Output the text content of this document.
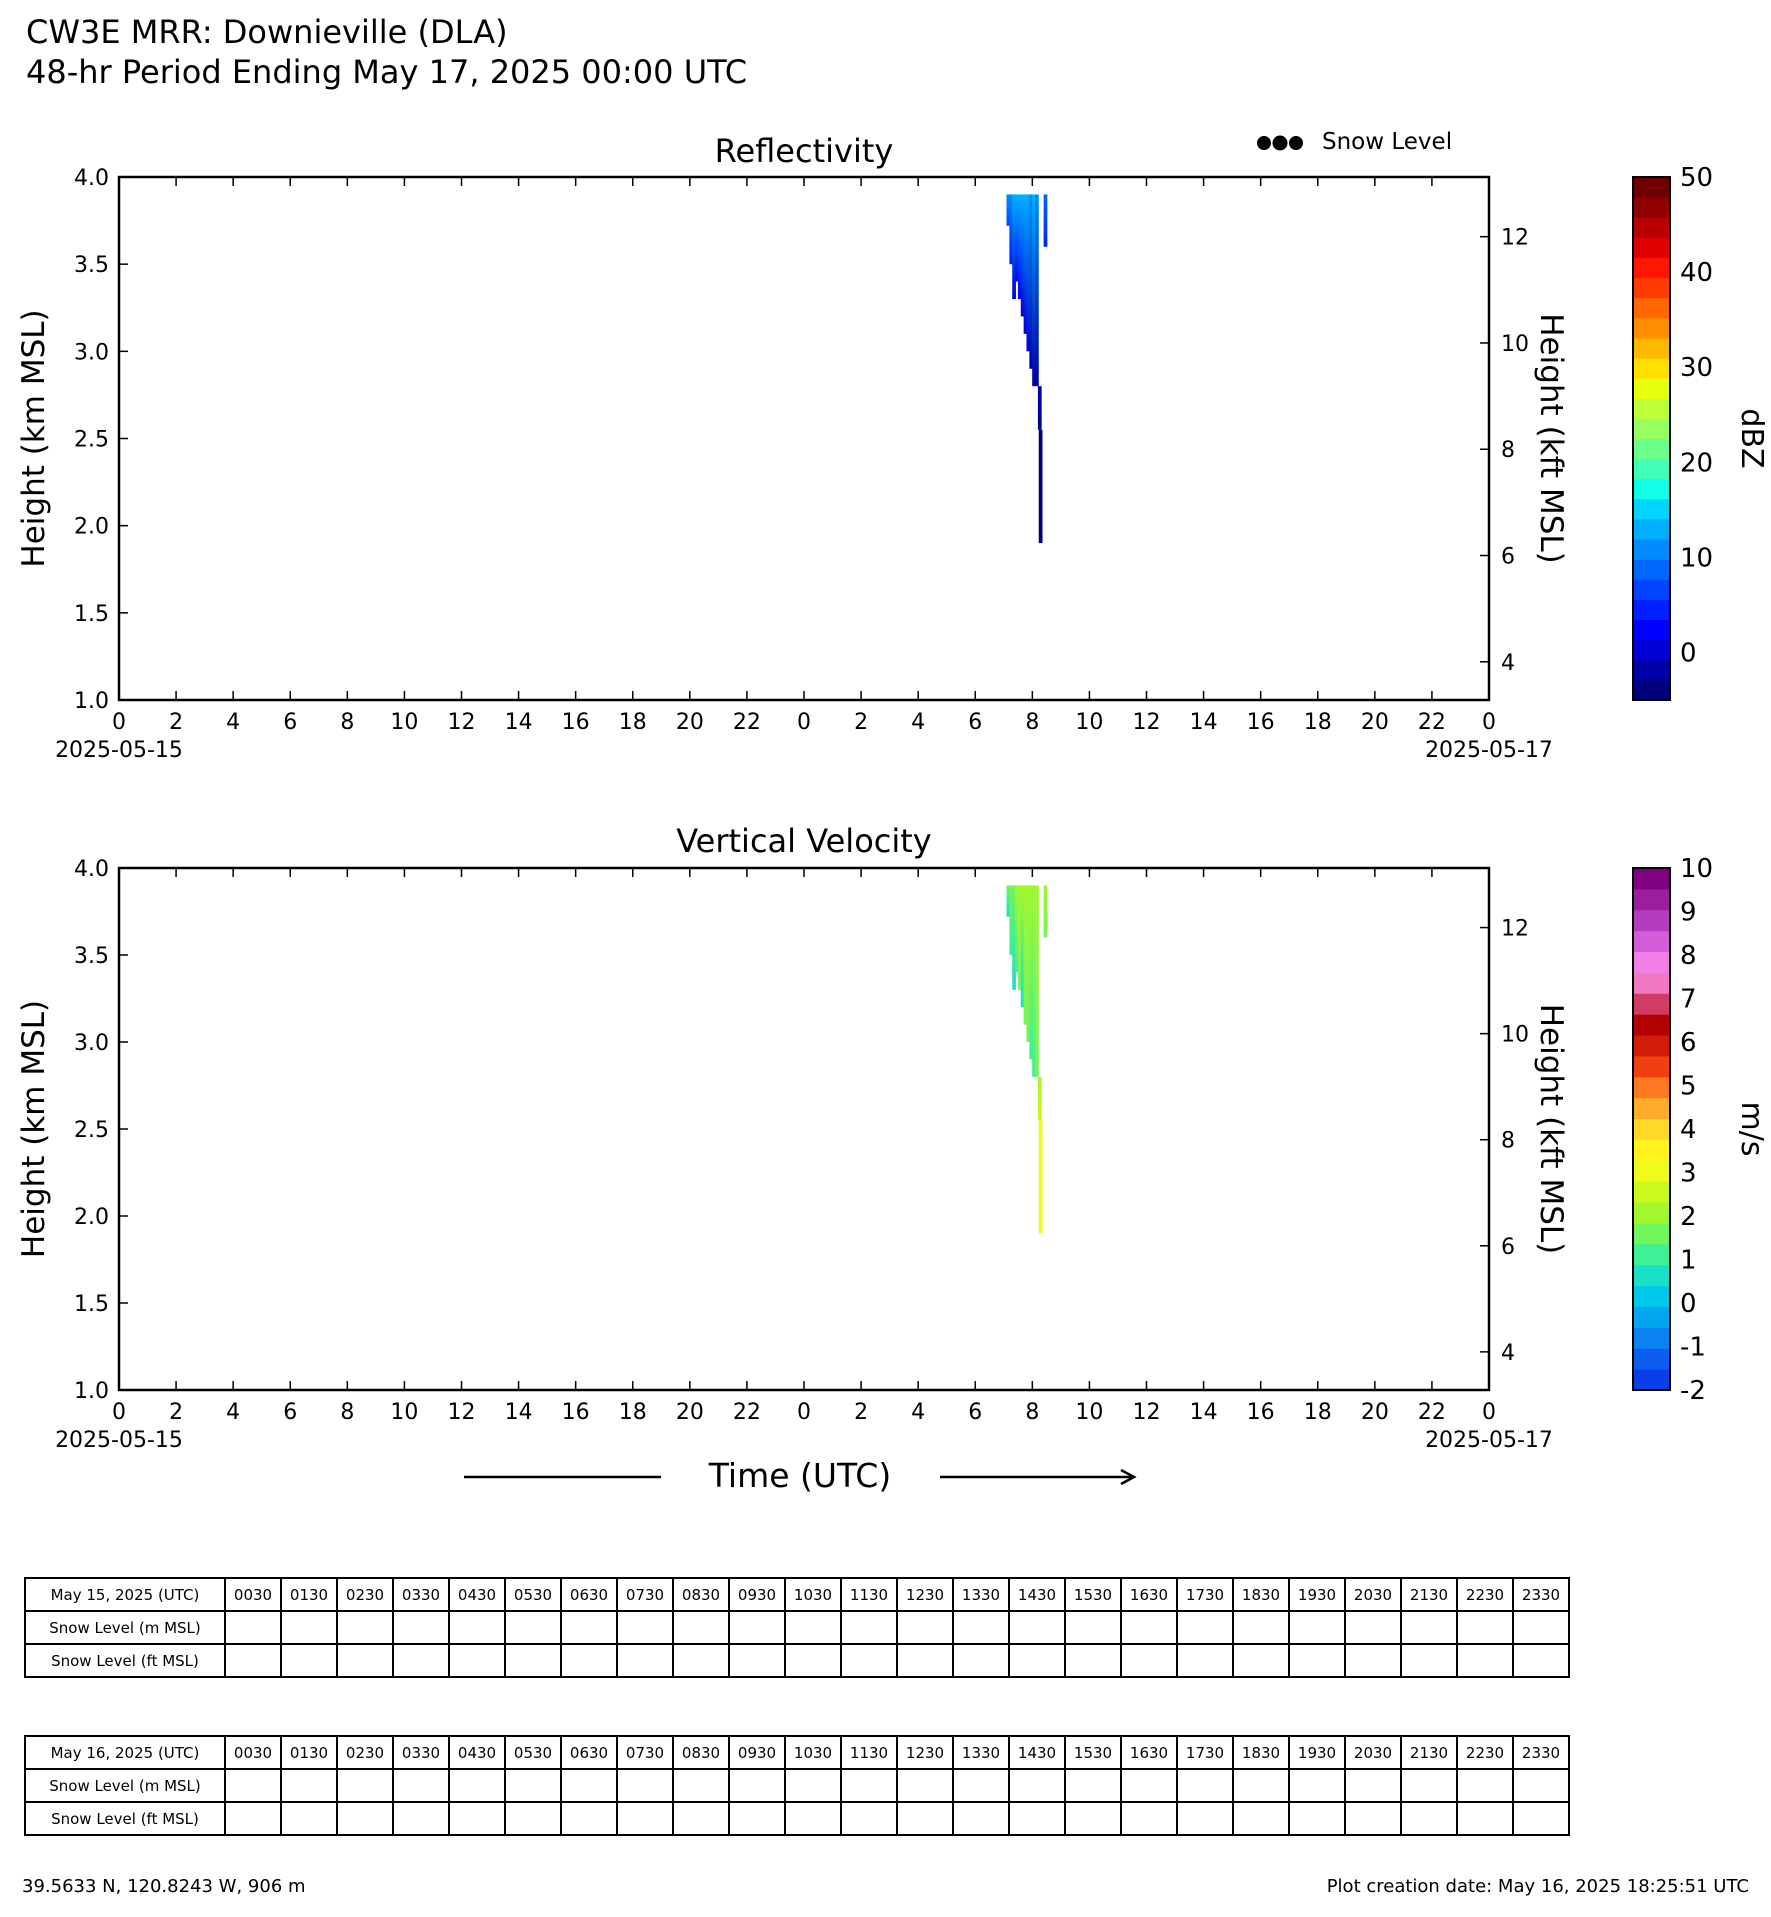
CW3E MRR: Downieville (DLA)
48-hr Period Ending May 17, 2025 00:00 UTC
Reflectivity
1.0
1.5
2.0
2.5
3.0
3.5
4.0
4
6
8
10
12
0 2 4 6 8 10 12 14 16 18 20 22 0 2 4 6 8 10 12 14 16 18 20 22 0
2025-05-15	2025-05-17
Height (km MSL)	Height (kft MSL)
0
10
20
30
40
50
dBZ
Vertical Velocity
1.0
1.5
2.0
2.5
3.0
3.5
4.0
4
6
8
10
12
0 2 4 6 8 10 12 14 16 18 20 22 0 2 4 6 8 10 12 14 16 18 20 22 0
2025-05-15	2025-05-17
Height (km MSL)	Height (kft MSL)
-2
-1
0
1
2
3
4
5
6
7
8
9
10
m/s
Snow Level
Time (UTC)
May 15, 2025 (UTC)	0030	0130	0230	0330	0430	0530	0630	0730	0830	0930	1030	1130	1230	1330	1430	1530	1630	1730	1830	1930	2030	2130	2230	2330
Snow Level (m MSL)																								
Snow Level (ft MSL)																								
May 16, 2025 (UTC)	0030	0130	0230	0330	0430	0530	0630	0730	0830	0930	1030	1130	1230	1330	1430	1530	1630	1730	1830	1930	2030	2130	2230	2330
Snow Level (m MSL)																								
Snow Level (ft MSL)																								
39.5633 N, 120.8243 W, 906 m	Plot creation date: May 16, 2025 18:25:51 UTC
